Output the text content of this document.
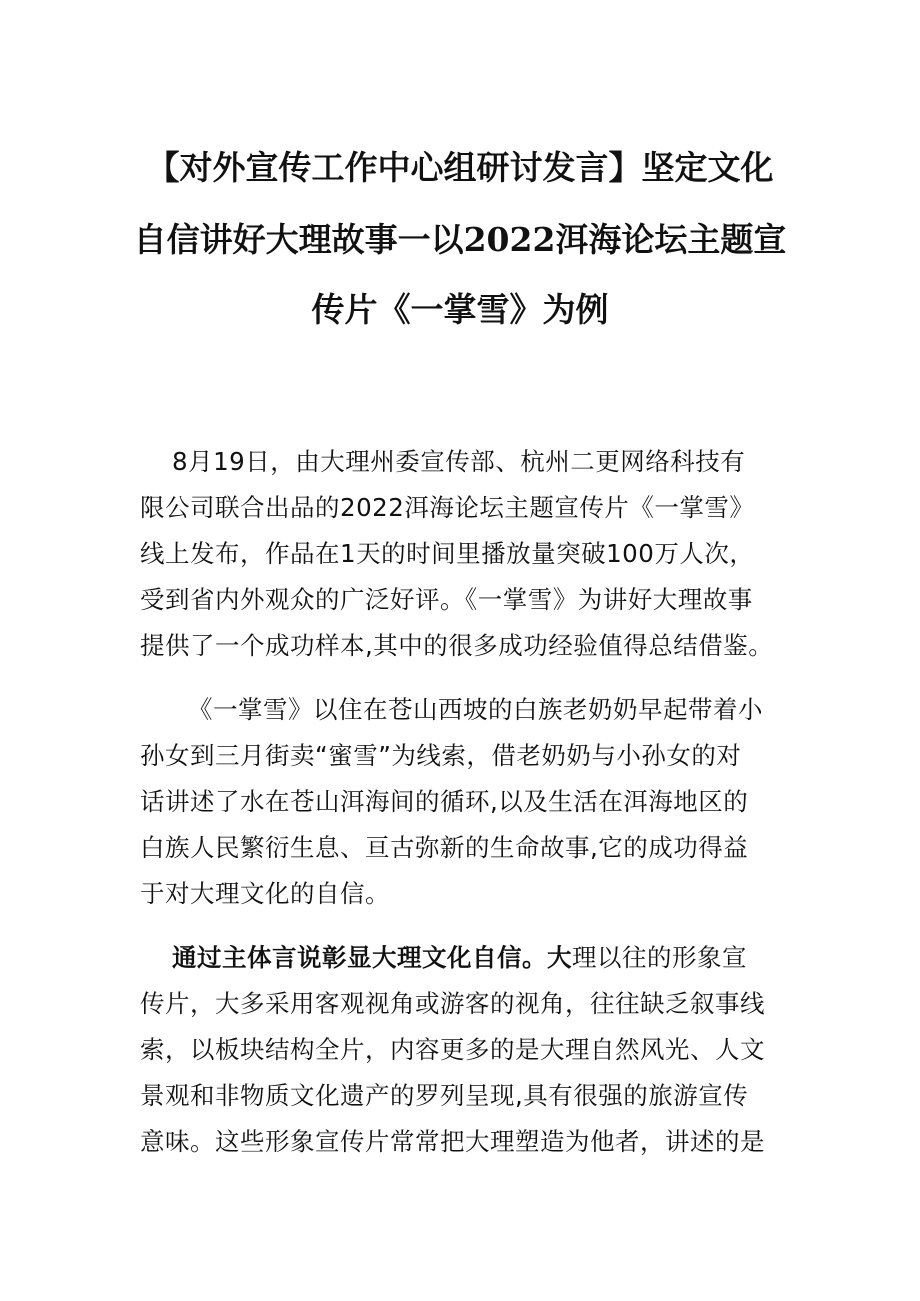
【对外宣传工作中心组研讨发言】坚定文化
自信讲好大理故事一以2022洱海论坛主题宣
传片《一掌雪》为例
8月19日，由大理州委宣传部、杭州二更网络科技有
限公司联合出品的2022洱海论坛主题宣传片《一掌雪》
线上发布，作品在1天的时间里播放量突破100万人次，
受到省内外观众的广泛好评。《一掌雪》为讲好大理故事
提供了一个成功样本,其中的很多成功经验值得总结借鉴。
《一掌雪》以住在苍山西坡的白族老奶奶早起带着小
孙女到三月街卖“蜜雪”为线索，借老奶奶与小孙女的对
话讲述了水在苍山洱海间的循环,以及生活在洱海地区的
白族人民繁衍生息、亘古弥新的生命故事,它的成功得益
于对大理文化的自信。
通过主体言说彰显大理文化自信。大理以往的形象宣
传片，大多采用客观视角或游客的视角，往往缺乏叙事线
索，以板块结构全片，内容更多的是大理自然风光、人文
景观和非物质文化遗产的罗列呈现,具有很强的旅游宣传
意味。这些形象宣传片常常把大理塑造为他者，讲述的是
